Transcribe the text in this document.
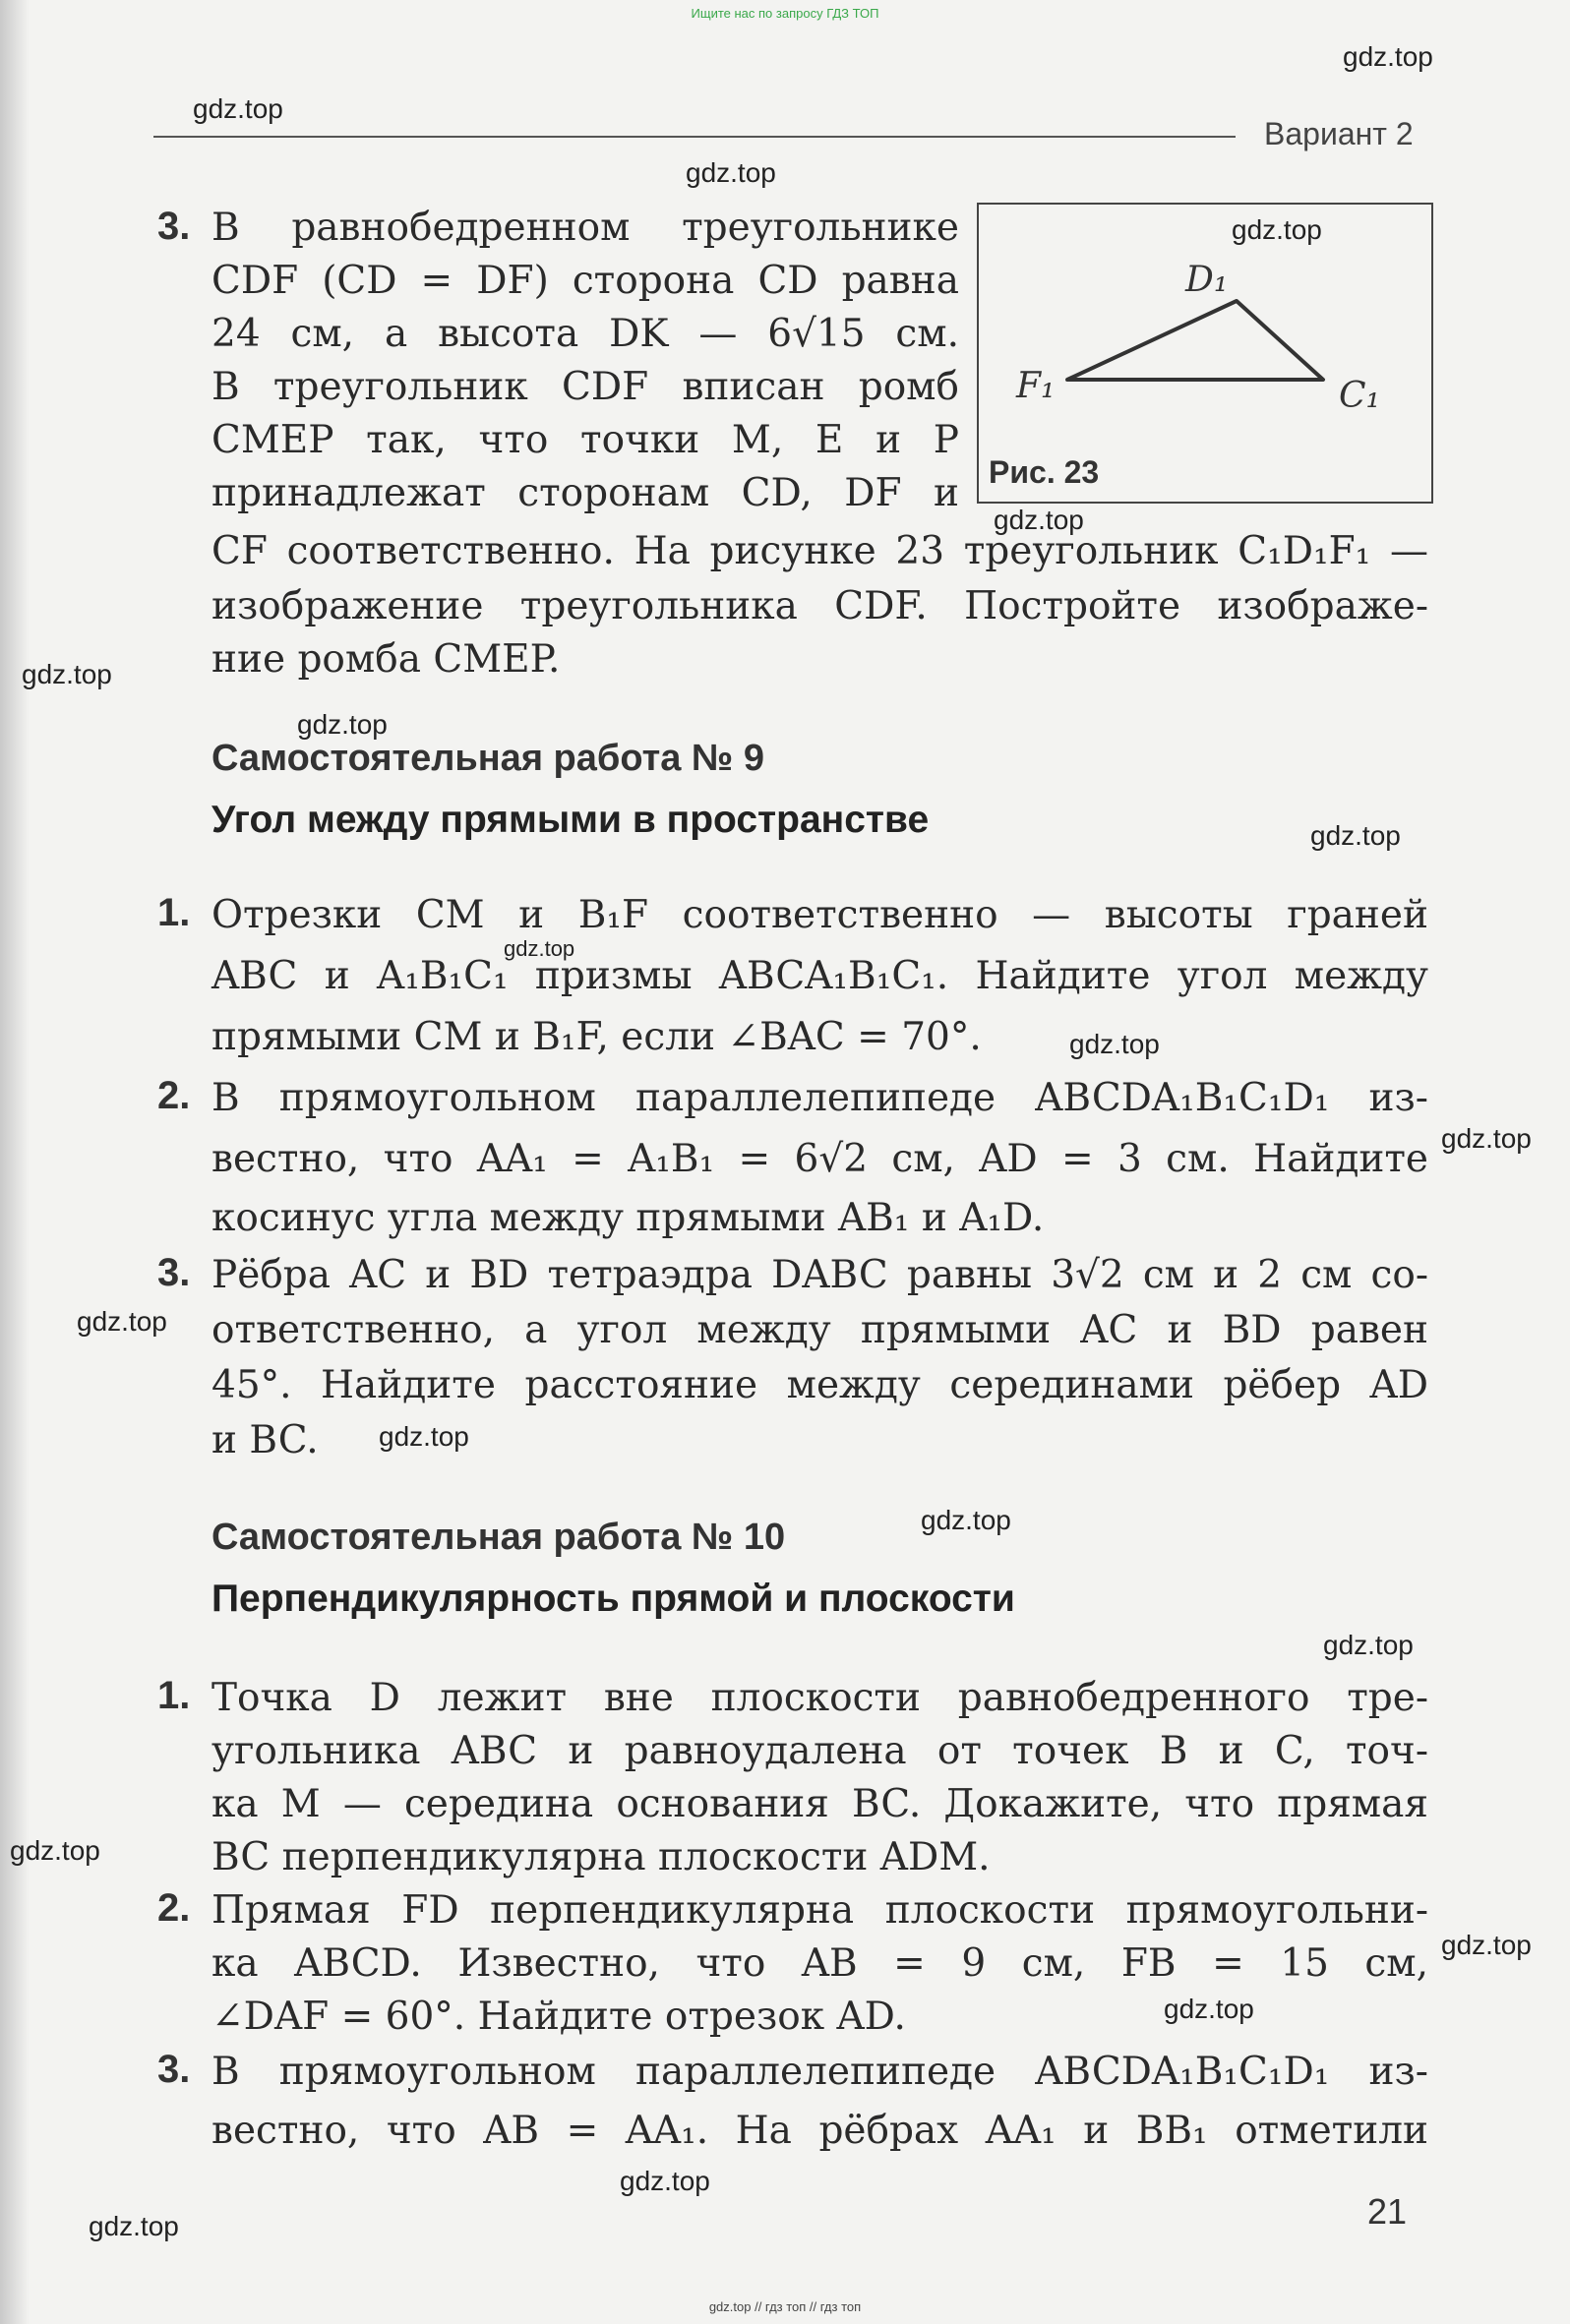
Ищите нас по запросу ГДЗ ТОП
gdz.top
gdz.top
gdz.top
gdz.top
gdz.top
gdz.top
gdz.top
gdz.top
gdz.top
gdz.top
gdz.top
gdz.top
gdz.top
gdz.top
gdz.top
gdz.top
gdz.top
gdz.top
gdz.top
gdz.top
Вариант 2
D₁
F₁	C₁
Рис. 23
3. В равнобедренном треугольнике
CDF (CD = DF) сторона CD равна
24 см, а высота DK — 6√15 см.
В треугольник CDF вписан ромб
CMEP так, что точки M, E и P
принадлежат сторонам CD, DF и
CF соответственно. На рисунке 23 треугольник C₁D₁F₁ —
изображение треугольника CDF. Постройте изображе-
ние ромба CMEP.
Самостоятельная работа № 9
Угол между прямыми в пространстве
1. Отрезки CM и B₁F соответственно — высоты граней
ABC и A₁B₁C₁ призмы ABCA₁B₁C₁. Найдите угол между
прямыми CM и B₁F, если ∠BAC = 70°.
2. В прямоугольном параллелепипеде ABCDA₁B₁C₁D₁ из-
вестно, что AA₁ = A₁B₁ = 6√2 см, AD = 3 см. Найдите
косинус угла между прямыми AB₁ и A₁D.
3. Рёбра AC и BD тетраэдра DABC равны 3√2 см и 2 см со-
ответственно, а угол между прямыми AC и BD равен
45°. Найдите расстояние между серединами рёбер AD
и BC.
Самостоятельная работа № 10
Перпендикулярность прямой и плоскости
1. Точка D лежит вне плоскости равнобедренного тре-
угольника ABC и равноудалена от точек B и C, точ-
ка M — середина основания BC. Докажите, что прямая
BC перпендикулярна плоскости ADM.
2. Прямая FD перпендикулярна плоскости прямоугольни-
ка ABCD. Известно, что AB = 9 см, FB = 15 см,
∠DAF = 60°. Найдите отрезок AD.
3. В прямоугольном параллелепипеде ABCDA₁B₁C₁D₁ из-
вестно, что AB = AA₁. На рёбрах AA₁ и BB₁ отметили
21
gdz.top // гдз топ // гдз топ
